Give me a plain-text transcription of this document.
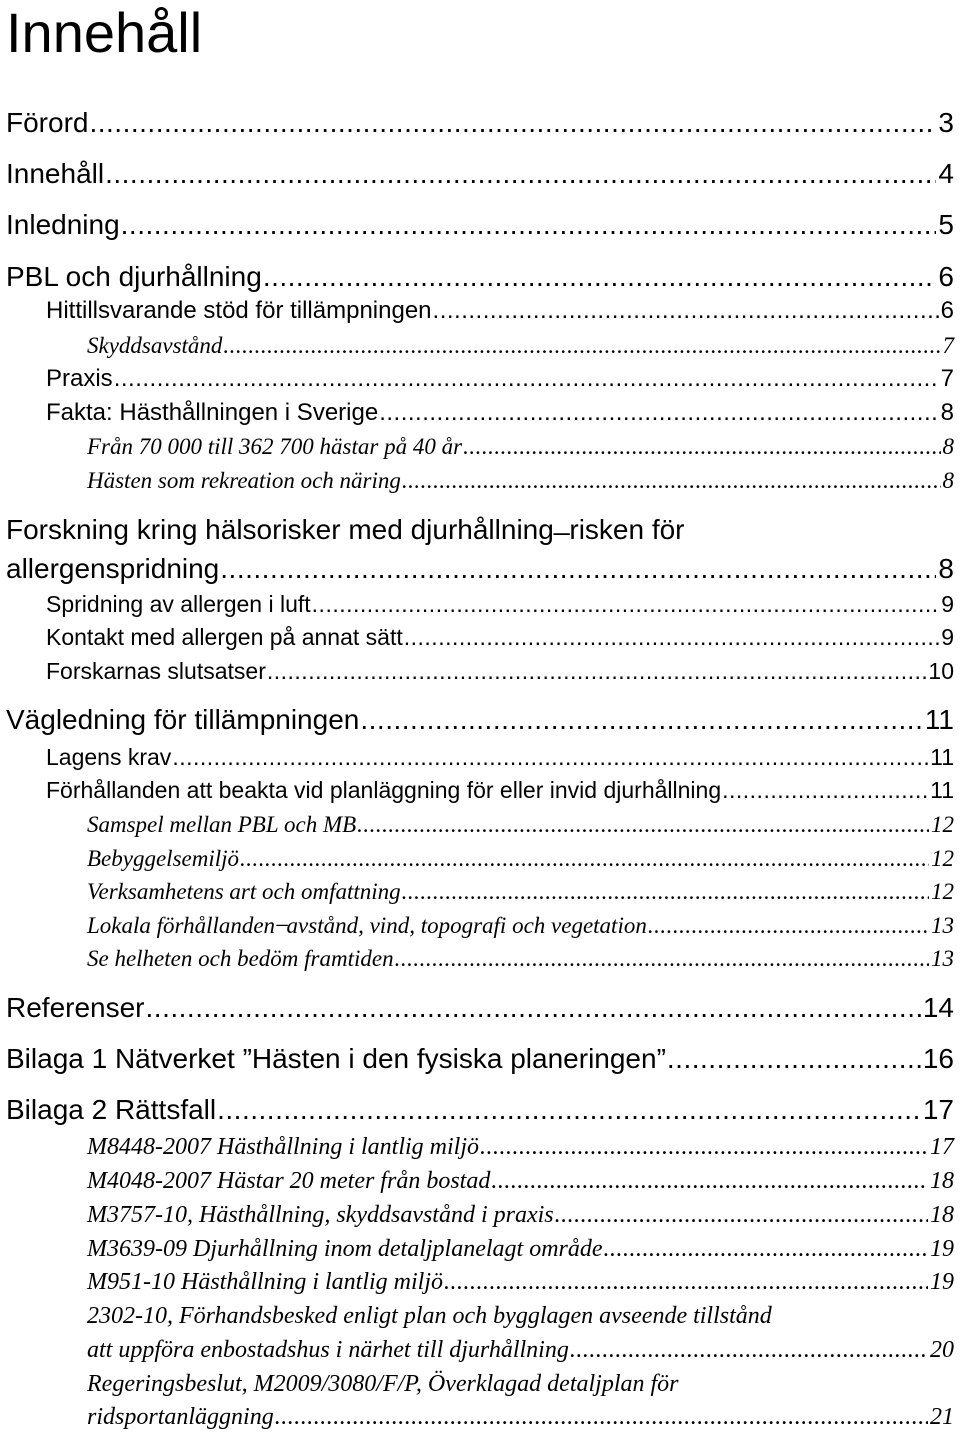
Innehåll
Förord .....	3
Innehåll .....	4
Inledning .....	5
PBL och djurhållning .....	6
Hittillsvarande stöd för tillämpningen .....	6
Skyddsavstånd .....	7
Praxis .....	7
Fakta: Hästhållningen i Sverige .....	8
Från 70 000 till 362 700 hästar på 40 år .....	8
Hästen som rekreation och näring .....	8
Forskning kring hälsorisker med djurhållning ̶ risken för
allergenspridning .....	8
Spridning av allergen i luft .....	9
Kontakt med allergen på annat sätt .....	9
Forskarnas slutsatser .....	10
Vägledning för tillämpningen .....	11
Lagens krav .....	11
Förhållanden att beakta vid planläggning för eller invid djurhållning .....	11
Samspel mellan PBL och MB .....	12
Bebyggelsemiljö .....	12
Verksamhetens art och omfattning .....	12
Lokala förhållanden ̶ avstånd, vind, topografi och vegetation .....	13
Se helheten och bedöm framtiden .....	13
Referenser .....	14
Bilaga 1 Nätverket ”Hästen i den fysiska planeringen” .....	16
Bilaga 2 Rättsfall .....	17
M8448-2007 Hästhållning i lantlig miljö .....	17
M4048-2007 Hästar 20 meter från bostad .....	18
M3757-10, Hästhållning, skyddsavstånd i praxis .....	18
M3639-09 Djurhållning inom detaljplanelagt område .....	19
M951-10 Hästhållning i lantlig miljö .....	19
2302-10, Förhandsbesked enligt plan och bygglagen avseende tillstånd
att uppföra enbostadshus i närhet till djurhållning .....	20
Regeringsbeslut, M2009/3080/F/P, Överklagad detaljplan för
ridsportanläggning .....	21
